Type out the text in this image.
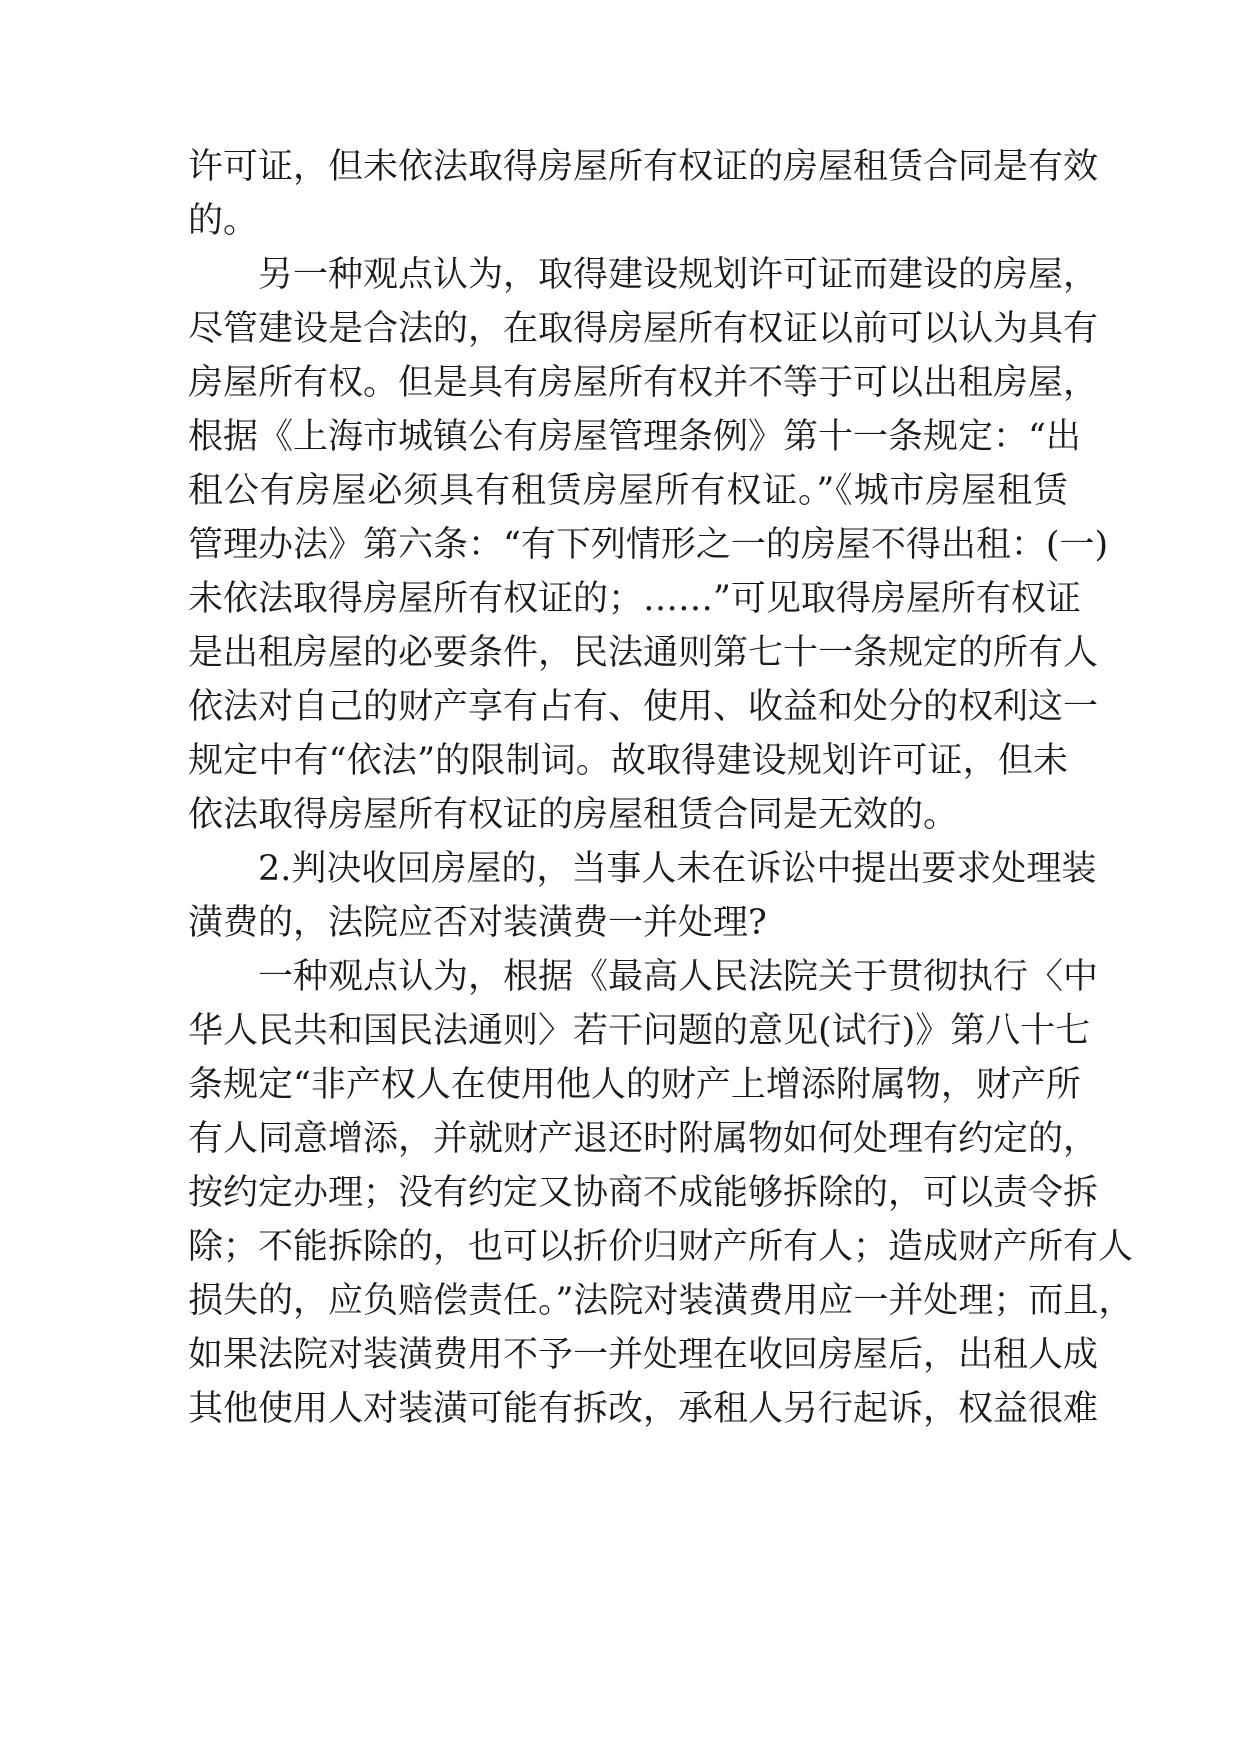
许可证，但未依法取得房屋所有权证的房屋租赁合同是有效

的。

另一种观点认为，取得建设规划许可证而建设的房屋，

尽管建设是合法的，在取得房屋所有权证以前可以认为具有

房屋所有权。但是具有房屋所有权并不等于可以出租房屋，

根据《上海市城镇公有房屋管理条例》第十一条规定：“出

租公有房屋必须具有租赁房屋所有权证。”《城市房屋租赁

管理办法》第六条：“有下列情形之一的房屋不得出租：(一)

未依法取得房屋所有权证的；……”可见取得房屋所有权证

是出租房屋的必要条件，民法通则第七十一条规定的所有人

依法对自己的财产享有占有、使用、收益和处分的权利这一

规定中有“依法”的限制词。故取得建设规划许可证，但未

依法取得房屋所有权证的房屋租赁合同是无效的。

2.判决收回房屋的，当事人未在诉讼中提出要求处理装

潢费的，法院应否对装潢费一并处理?

一种观点认为，根据《最高人民法院关于贯彻执行〈中

华人民共和国民法通则〉若干问题的意见(试行)》第八十七

条规定“非产权人在使用他人的财产上增添附属物，财产所

有人同意增添，并就财产退还时附属物如何处理有约定的，

按约定办理；没有约定又协商不成能够拆除的，可以责令拆

除；不能拆除的，也可以折价归财产所有人；造成财产所有人

损失的，应负赔偿责任。”法院对装潢费用应一并处理；而且，

如果法院对装潢费用不予一并处理在收回房屋后，出租人成

其他使用人对装潢可能有拆改，承租人另行起诉，权益很难
